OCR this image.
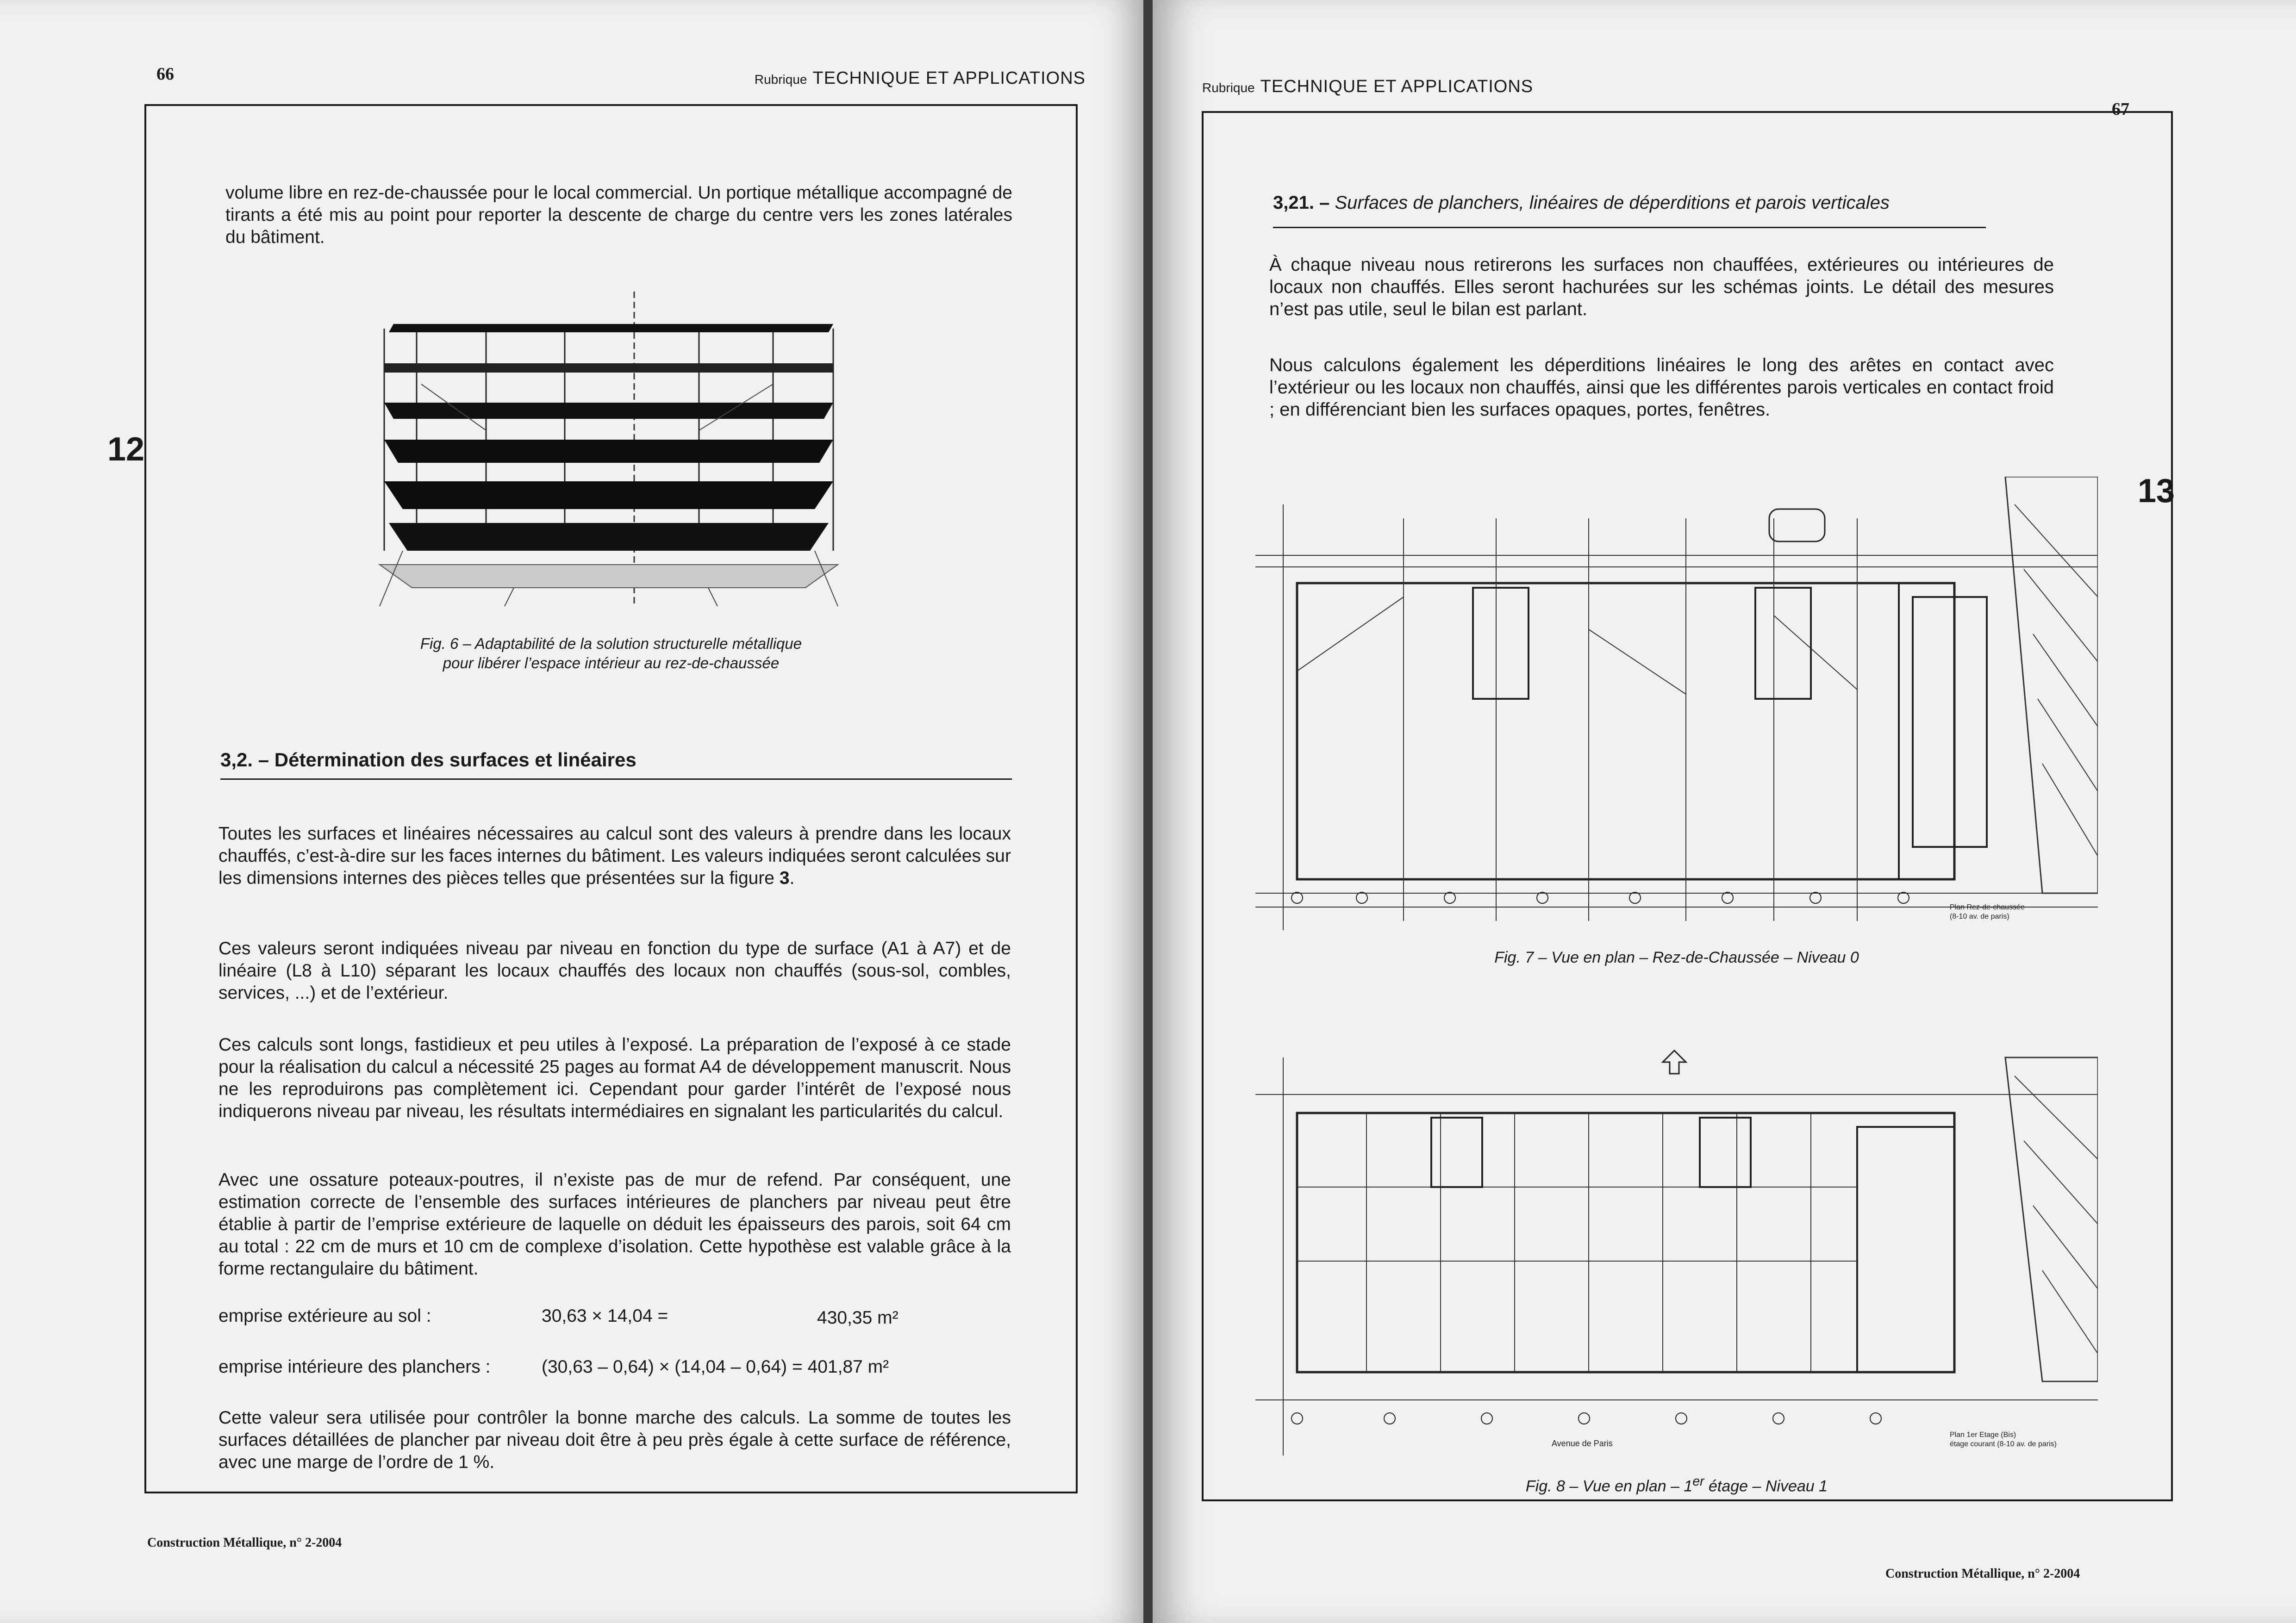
66	Rubrique TECHNIQUE ET APPLICATIONS
12

volume libre en rez-de-chaussée pour le local commercial. Un portique métallique accompagné de tirants a été mis au point pour reporter la descente de charge du centre vers les zones latérales du bâtiment.

Fig. 6 – Adaptabilité de la solution structurelle métallique
pour libérer l’espace intérieur au rez-de-chaussée
3,2. – Détermination des surfaces et linéaires

Toutes les surfaces et linéaires nécessaires au calcul sont des valeurs à prendre dans les locaux chauffés, c’est-à-dire sur les faces internes du bâtiment. Les valeurs indiquées seront calculées sur les dimensions internes des pièces telles que présentées sur la figure 3.

Ces valeurs seront indiquées niveau par niveau en fonction du type de surface (A1 à A7) et de linéaire (L8 à L10) séparant les locaux chauffés des locaux non chauffés (sous-sol, combles, services, ...) et de l’extérieur.

Ces calculs sont longs, fastidieux et peu utiles à l’exposé. La préparation de l’exposé à ce stade pour la réalisation du calcul a nécessité 25 pages au format A4 de développement manuscrit. Nous ne les reproduirons pas complètement ici. Cependant pour garder l’intérêt de l’exposé nous indiquerons niveau par niveau, les résultats intermédiaires en signalant les particularités du calcul.

Avec une ossature poteaux-poutres, il n’existe pas de mur de refend. Par conséquent, une estimation correcte de l’ensemble des surfaces intérieures de planchers par niveau peut être établie à partir de l’emprise extérieure de laquelle on déduit les épaisseurs des parois, soit 64 cm au total : 22 cm de murs et 10 cm de complexe d’isolation. Cette hypothèse est valable grâce à la forme rectangulaire du bâtiment.

emprise extérieure au sol :	30,63 × 14,04 =	430,35 m²
emprise intérieure des planchers :	(30,63 – 0,64) × (14,04 – 0,64) = 401,87 m²

Cette valeur sera utilisée pour contrôler la bonne marche des calculs. La somme de toutes les surfaces détaillées de plancher par niveau doit être à peu près égale à cette surface de référence, avec une marge de l’ordre de 1 %.

Construction Métallique, n° 2-2004
Rubrique TECHNIQUE ET APPLICATIONS
67
13
3,21. – Surfaces de planchers, linéaires de déperditions et parois verticales

À chaque niveau nous retirerons les surfaces non chauffées, extérieures ou intérieures de locaux non chauffés. Elles seront hachurées sur les schémas joints. Le détail des mesures n’est pas utile, seul le bilan est parlant.

Nous calculons également les déperditions linéaires le long des arêtes en contact avec l’extérieur ou les locaux non chauffés, ainsi que les différentes parois verticales en contact froid ; en différenciant bien les surfaces opaques, portes, fenêtres.

Plan Rez-de-chaussée
(8-10 av. de paris)
Fig. 7 – Vue en plan – Rez-de-Chaussée – Niveau 0
Avenue de Paris
Plan 1er Etage (Bis)
étage courant (8-10 av. de paris)
Fig. 8 – Vue en plan – 1er étage – Niveau 1
Construction Métallique, n° 2-2004
